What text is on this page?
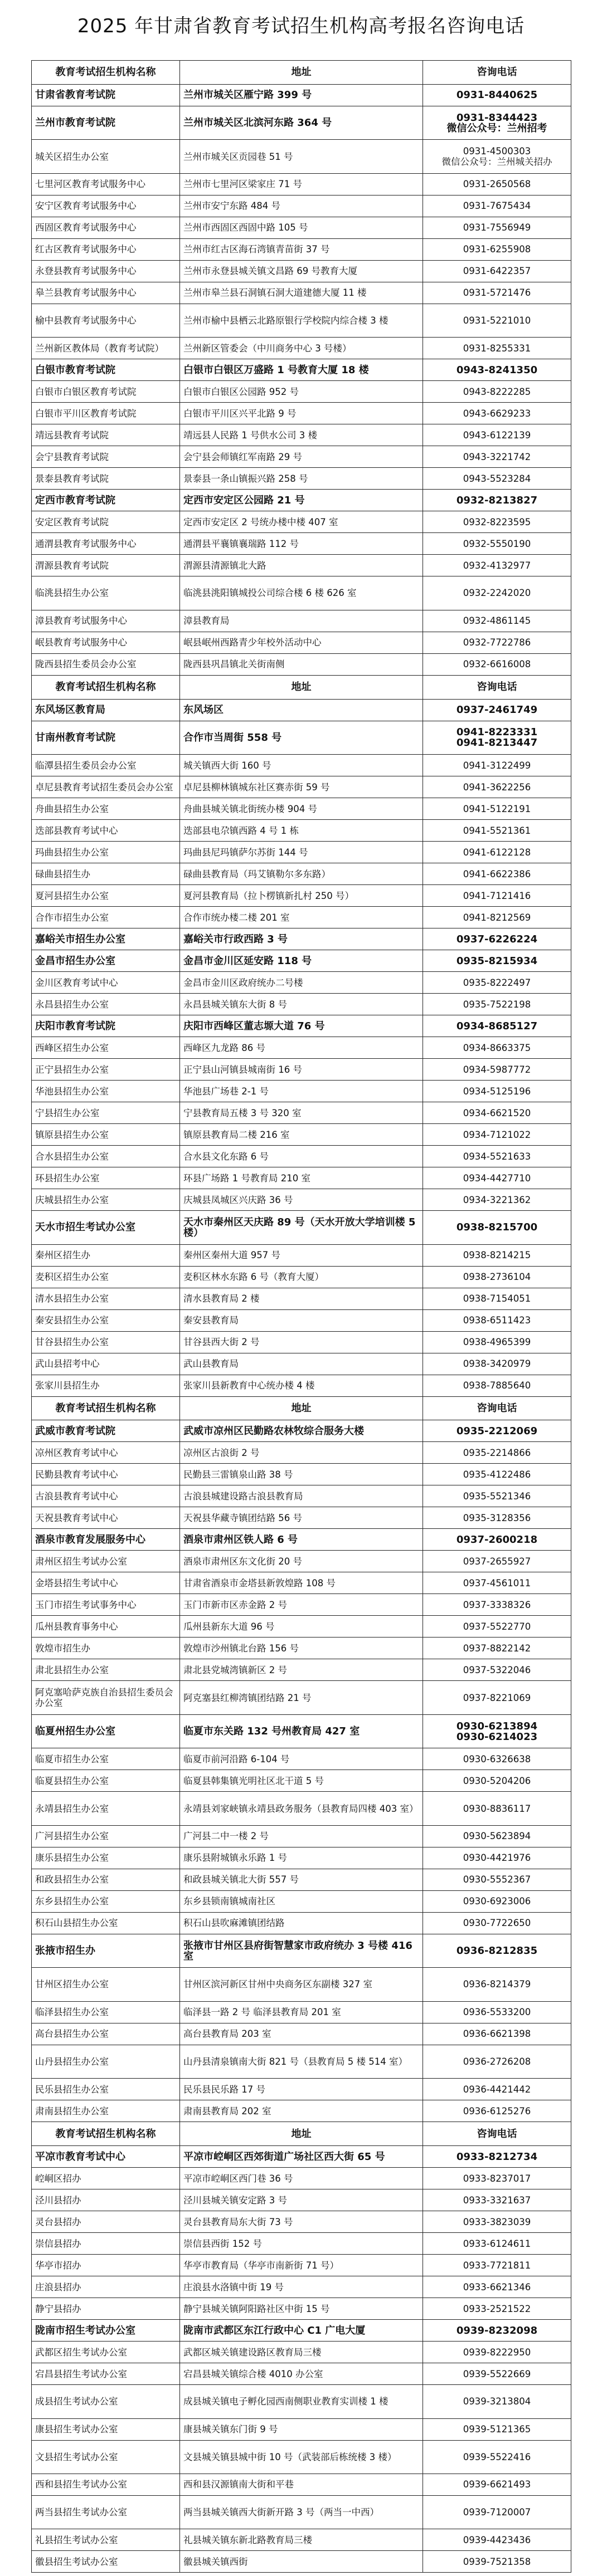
2025 年甘肃省教育考试招生机构高考报名咨询电话
教育考试招生机构名称	地址	咨询电话
甘肃省教育考试院	兰州市城关区雁宁路 399 号	0931-8440625
兰州市教育考试院	兰州市城关区北滨河东路 364 号	0931-8344423
微信公众号：兰州招考
城关区招生办公室	兰州市城关区贡园巷 51 号	0931-4500303
微信公众号：兰州城关招办
七里河区教育考试服务中心	兰州市七里河区梁家庄 71 号	0931-2650568
安宁区教育考试服务中心	兰州市安宁东路 484 号	0931-7675434
西固区教育考试服务中心	兰州市西固区西固中路 105 号	0931-7556949
红古区教育考试服务中心	兰州市红古区海石湾镇青苗街 37 号	0931-6255908
永登县教育考试服务中心	兰州市永登县城关镇文昌路 69 号教育大厦	0931-6422357
皋兰县教育考试服务中心	兰州市皋兰县石洞镇石洞大道建德大厦 11 楼	0931-5721476
榆中县教育考试服务中心	兰州市榆中县栖云北路原银行学校院内综合楼 3 楼	0931-5221010
兰州新区教体局（教育考试院）	兰州新区管委会（中川商务中心 3 号楼）	0931-8255331
白银市教育考试院	白银市白银区万盛路 1 号教育大厦 18 楼	0943-8241350
白银市白银区教育考试院	白银市白银区公园路 952 号	0943-8222285
白银市平川区教育考试院	白银市平川区兴平北路 9 号	0943-6629233
靖远县教育考试院	靖远县人民路 1 号供水公司 3 楼	0943-6122139
会宁县教育考试院	会宁县会师镇红军南路 29 号	0943-3221742
景泰县教育考试院	景泰县一条山镇振兴路 258 号	0943-5523284
定西市教育考试院	定西市安定区公园路 21 号	0932-8213827
安定区教育考试院	定西市安定区 2 号统办楼中楼 407 室	0932-8223595
通渭县教育考试服务中心	通渭县平襄镇襄瑞路 112 号	0932-5550190
渭源县教育考试院	渭源县清源镇北大路	0932-4132977
临洮县招生办公室	临洮县洮阳镇城投公司综合楼 6 楼 626 室	0932-2242020
漳县教育考试服务中心	漳县教育局	0932-4861145
岷县教育考试服务中心	岷县岷州西路青少年校外活动中心	0932-7722786
陇西县招生委员会办公室	陇西县巩昌镇北关街南侧	0932-6616008
教育考试招生机构名称	地址	咨询电话
东风场区教育局	东风场区	0937-2461749
甘南州教育考试院	合作市当周街 558 号	0941-8223331
0941-8213447
临潭县招生委员会办公室	城关镇西大街 160 号	0941-3122499
卓尼县教育考试招生委员会办公室	卓尼县柳林镇城东社区赛赤街 59 号	0941-3622256
舟曲县招生办公室	舟曲县城关镇北街统办楼 904 号	0941-5122191
迭部县教育考试中心	迭部县电尕镇西路 4 号 1 栋	0941-5521361
玛曲县招生办公室	玛曲县尼玛镇萨尔苏街 144 号	0941-6122128
碌曲县招生办	碌曲县教育局（玛艾镇勒尔多东路）	0941-6622386
夏河县招生办公室	夏河县教育局（拉卜楞镇新扎村 250 号）	0941-7121416
合作市招生办公室	合作市统办楼二楼 201 室	0941-8212569
嘉峪关市招生办公室	嘉峪关市行政西路 3 号	0937-6226224
金昌市招生办公室	金昌市金川区延安路 118 号	0935-8215934
金川区教育考试中心	金昌市金川区政府统办二号楼	0935-8222497
永昌县招生办公室	永昌县城关镇东大街 8 号	0935-7522198
庆阳市教育考试院	庆阳市西峰区董志塬大道 76 号	0934-8685127
西峰区招生办公室	西峰区九龙路 86 号	0934-8663375
正宁县招生办公室	正宁县山河镇县城南街 16 号	0934-5987772
华池县招生办公室	华池县广场巷 2-1 号	0934-5125196
宁县招生办公室	宁县教育局五楼 3 号 320 室	0934-6621520
镇原县招生办公室	镇原县教育局二楼 216 室	0934-7121022
合水县招生办公室	合水县文化东路 6 号	0934-5521633
环县招生办公室	环县广场路 1 号教育局 210 室	0934-4427710
庆城县招生办公室	庆城县凤城区兴庆路 36 号	0934-3221362
天水市招生考试办公室	天水市秦州区天庆路 89 号（天水开放大学培训楼 5 楼）	0938-8215700
秦州区招生办	秦州区秦州大道 957 号	0938-8214215
麦积区招生办公室	麦积区林水东路 6 号（教育大厦）	0938-2736104
清水县招生办公室	清水县教育局 2 楼	0938-7154051
秦安县招生办公室	秦安县教育局	0938-6511423
甘谷县招生办公室	甘谷县西大街 2 号	0938-4965399
武山县招考中心	武山县教育局	0938-3420979
张家川县招生办	张家川县新教育中心统办楼 4 楼	0938-7885640
教育考试招生机构名称	地址	咨询电话
武威市教育考试院	武威市凉州区民勤路农林牧综合服务大楼	0935-2212069
凉州区教育考试中心	凉州区古浪街 2 号	0935-2214866
民勤县教育考试中心	民勤县三雷镇泉山路 38 号	0935-4122486
古浪县教育考试中心	古浪县城建设路古浪县教育局	0935-5521346
天祝县教育考试中心	天祝县华藏寺镇团结路 56 号	0935-3128356
酒泉市教育发展服务中心	酒泉市肃州区铁人路 6 号	0937-2600218
肃州区招生考试办公室	酒泉市肃州区东文化街 20 号	0937-2655927
金塔县招生考试中心	甘肃省酒泉市金塔县新敦煌路 108 号	0937-4561011
玉门市招生考试事务中心	玉门市新市区赤金路 2 号	0937-3338326
瓜州县教育事务中心	瓜州县新东大道 96 号	0937-5522770
敦煌市招生办	敦煌市沙州镇北台路 156 号	0937-8822142
肃北县招生办公室	肃北县党城湾镇新区 2 号	0937-5322046
阿克塞哈萨克族自治县招生委员会办公室	阿克塞县红柳湾镇团结路 21 号	0937-8221069
临夏州招生办公室	临夏市东关路 132 号州教育局 427 室	0930-6213894
0930-6214023
临夏市招生办公室	临夏市前河沿路 6-104 号	0930-6326638
临夏县招生办公室	临夏县韩集镇光明社区北干道 5 号	0930-5204206
永靖县招生办公室	永靖县刘家峡镇永靖县政务服务（县教育局四楼 403 室）	0930-8836117
广河县招生办公室	广河县二中一楼 2 号	0930-5623894
康乐县招生办公室	康乐县附城镇永乐路 1 号	0930-4421976
和政县招生办公室	和政县城关镇北大街 557 号	0930-5552367
东乡县招生办公室	东乡县锁南镇城南社区	0930-6923006
积石山县招生办公室	积石山县吹麻滩镇团结路	0930-7722650
张掖市招生办	张掖市甘州区县府街智慧家市政府统办 3 号楼 416 室	0936-8212835
甘州区招生办公室	甘州区滨河新区甘州中央商务区东副楼 327 室	0936-8214379
临泽县招生办公室	临泽县一路 2 号 临泽县教育局 201 室	0936-5533200
高台县招生办公室	高台县教育局 203 室	0936-6621398
山丹县招生办公室	山丹县清泉镇南大街 821 号（县教育局 5 楼 514 室）	0936-2726208
民乐县招生办公室	民乐县民乐路 17 号	0936-4421442
肃南县招生办公室	肃南县教育局 202 室	0936-6125276
教育考试招生机构名称	地址	咨询电话
平凉市教育考试中心	平凉市崆峒区西郊街道广场社区西大街 65 号	0933-8212734
崆峒区招办	平凉市崆峒区西门巷 36 号	0933-8237017
泾川县招办	泾川县城关镇安定路 3 号	0933-3321637
灵台县招办	灵台县教育局东大街 73 号	0933-3823039
崇信县招办	崇信县西街 152 号	0933-6124611
华亭市招办	华亭市教育局（华亭市南新街 71 号）	0933-7721811
庄浪县招办	庄浪县水洛镇中街 19 号	0933-6621346
静宁县招办	静宁县城关镇阿阳路社区中街 15 号	0933-2521522
陇南市招生考试办公室	陇南市武都区东江行政中心 C1 广电大厦	0939-8232098
武都区招生考试办公室	武都区城关镇建设路区教育局三楼	0939-8222950
宕昌县招生考试办公室	宕昌县城关镇综合楼 4010 办公室	0939-5522669
成县招生考试办公室	成县城关镇电子孵化园西南侧职业教育实训楼 1 楼	0939-3213804
康县招生考试办公室	康县城关镇东门街 9 号	0939-5121365
文县招生考试办公室	文县城关镇县城中街 10 号（武装部后栋统楼 3 楼）	0939-5522416
西和县招生考试办公室	西和县汉源镇南大街和平巷	0939-6621493
两当县招生考试办公室	两当县城关镇西大街新开路 3 号（两当一中西）	0939-7120007
礼县招生考试办公室	礼县城关镇东新北路教育局三楼	0939-4423436
徽县招生考试办公室	徽县城关镇西街	0939-7521358
